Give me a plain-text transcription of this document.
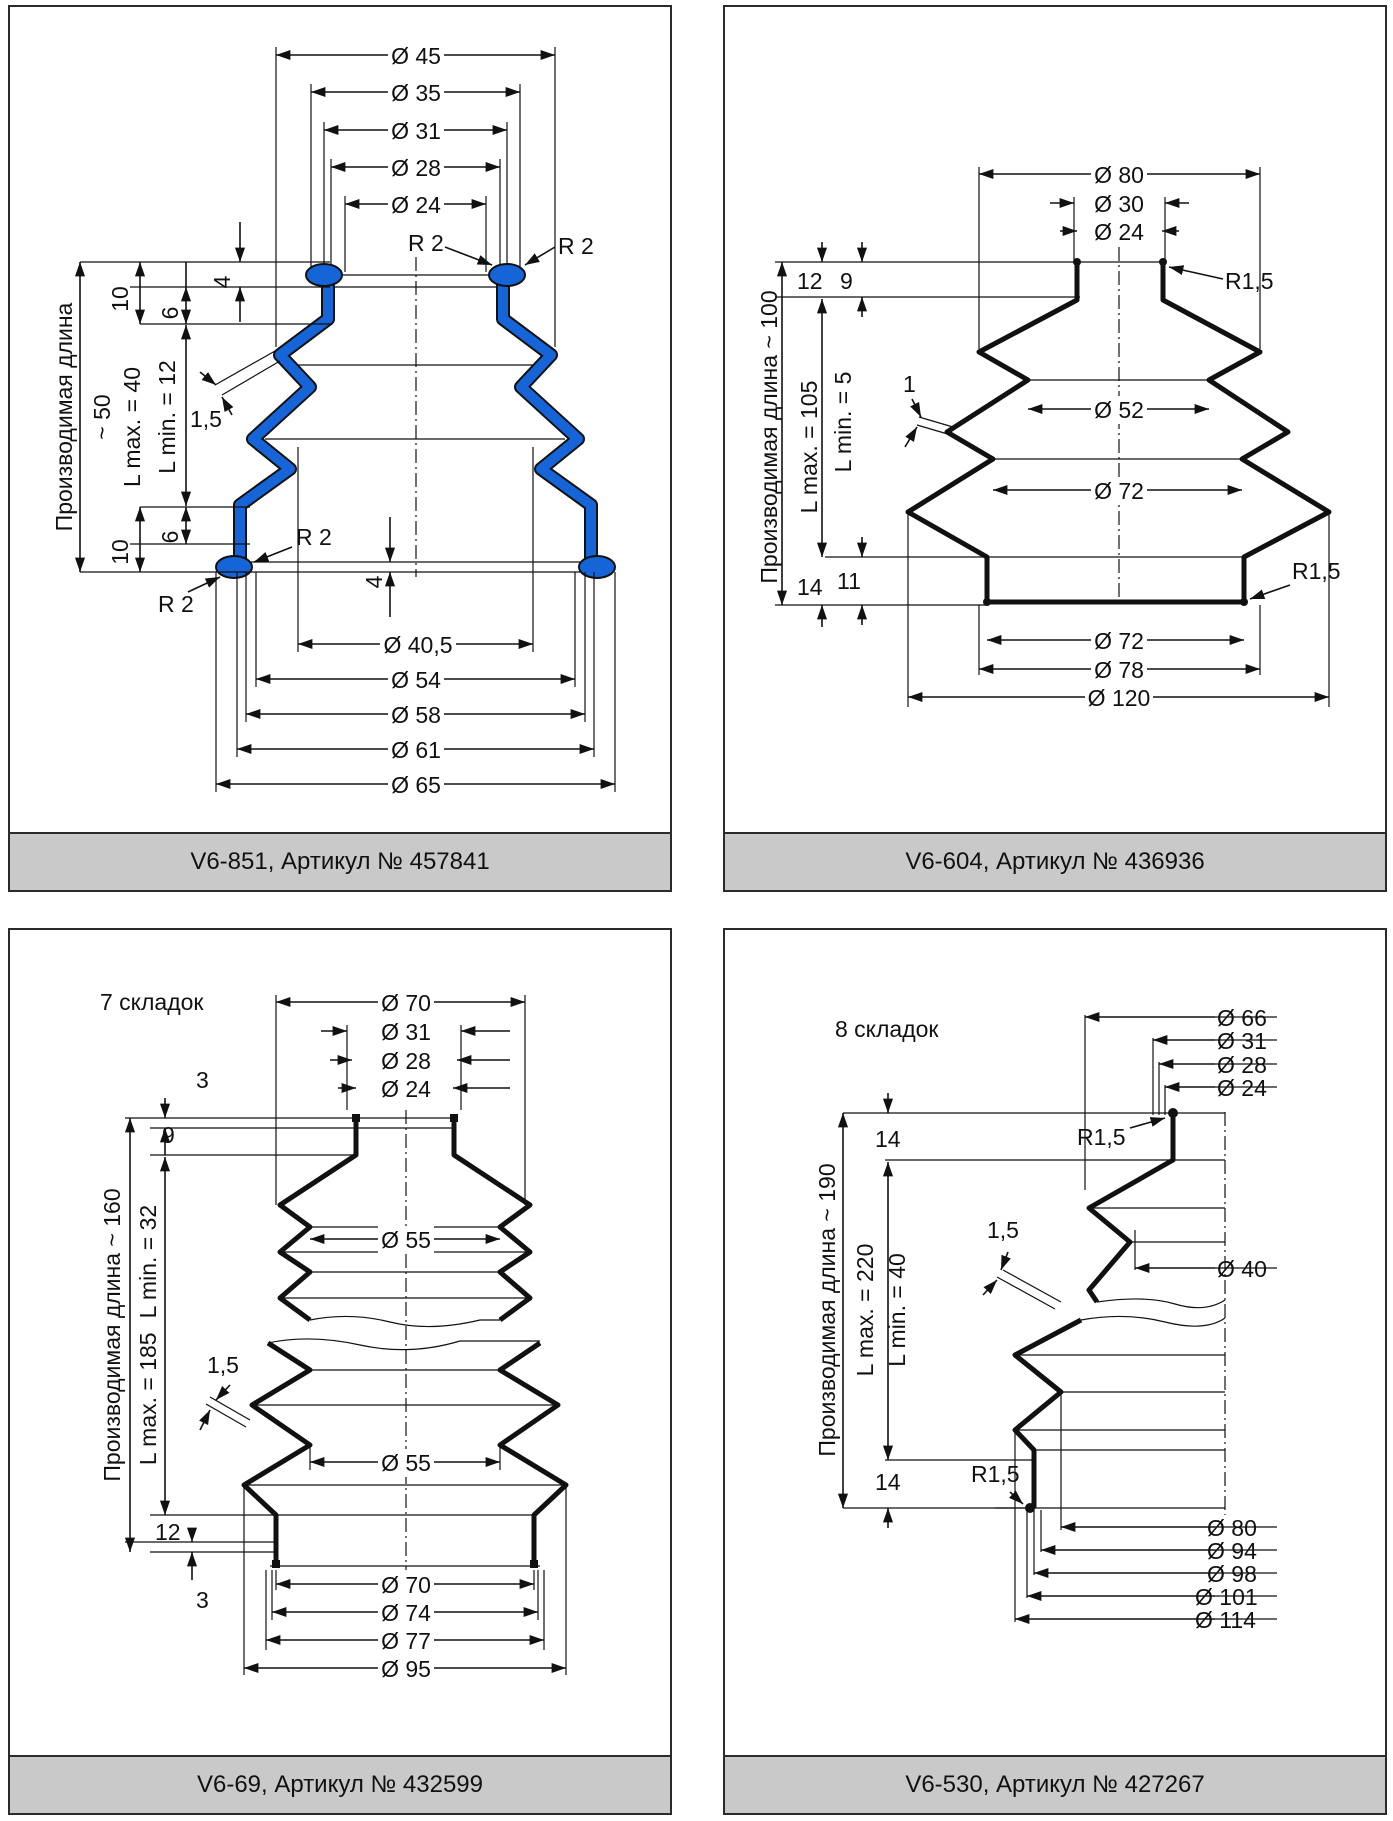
Ø 45
Ø 35
Ø 31
Ø 28
Ø 24
R 2	R 2
R 2
R 2
10
6
4
10
6
4
Производимая длина ~ 50 L max. = 40 L min. = 12 1,5
Ø 40,5
Ø 54
Ø 58
Ø 61
Ø 65
V6-851, Артикул № 457841
Ø 80
Ø 30
Ø 24
R1,5
R1,5
12 9
14 11
Производимая длина ~ 100 L max. = 105 L min. = 5 1
Ø 52
Ø 72
Ø 72
Ø 78
Ø 120
V6-604, Артикул № 436936
7 складок	Ø 70
Ø 31
Ø 28
Ø 24
3
9
12
3
Производимая длина ~ 160 L max. = 185L min. = 32
1,5
Ø 55
Ø 55
Ø 70
Ø 74
Ø 77
Ø 95
V6-69, Артикул № 432599
8 складок	Ø 66
Ø 31
Ø 28
Ø 24
Ø 40
R1,5
R1,5
14
14
Производимая длина ~ 190 L max. = 220 L min. = 40
1,5
Ø 80
Ø 94
Ø 98
Ø 101
Ø 114
V6-530, Артикул № 427267
